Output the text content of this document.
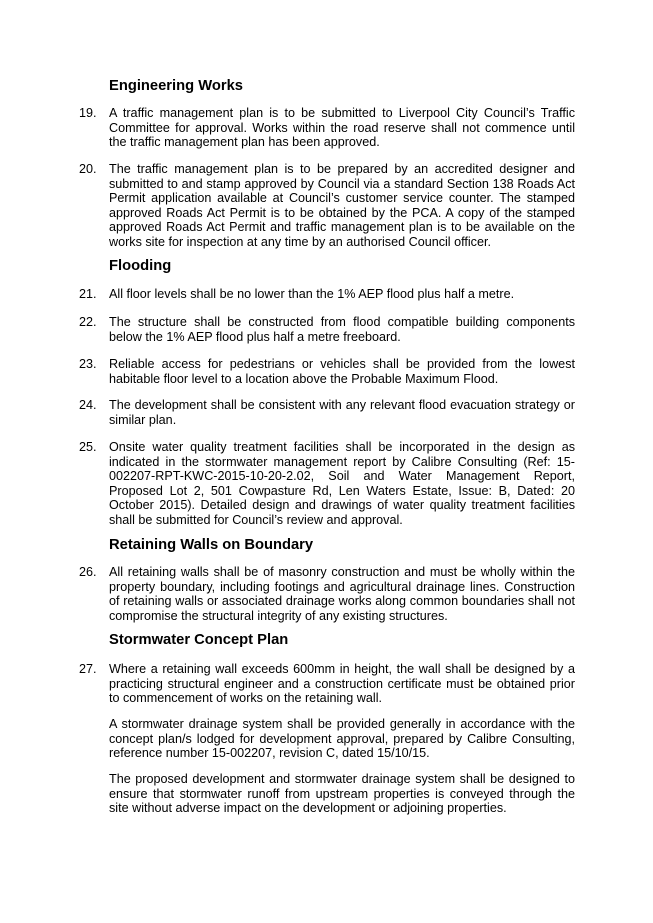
Engineering Works
19. A traffic management plan is to be submitted to Liverpool City Council’s Traffic Committee for approval. Works within the road reserve shall not commence until the traffic management plan has been approved.
20. The traffic management plan is to be prepared by an accredited designer and submitted to and stamp approved by Council via a standard Section 138 Roads Act Permit application available at Council’s customer service counter. The stamped approved Roads Act Permit is to be obtained by the PCA. A copy of the stamped approved Roads Act Permit and traffic management plan is to be available on the works site for inspection at any time by an authorised Council officer.
Flooding
21. All floor levels shall be no lower than the 1% AEP flood plus half a metre.
22. The structure shall be constructed from flood compatible building components below the 1% AEP flood plus half a metre freeboard.
23. Reliable access for pedestrians or vehicles shall be provided from the lowest habitable floor level to a location above the Probable Maximum Flood.
24. The development shall be consistent with any relevant flood evacuation strategy or similar plan.
25. Onsite water quality treatment facilities shall be incorporated in the design as indicated in the stormwater management report by Calibre Consulting (Ref: 15-002207-RPT-KWC-2015-10-20-2.02, Soil and Water Management Report, Proposed Lot 2, 501 Cowpasture Rd, Len Waters Estate, Issue: B, Dated: 20 October 2015). Detailed design and drawings of water quality treatment facilities shall be submitted for Council’s review and approval.
Retaining Walls on Boundary
26. All retaining walls shall be of masonry construction and must be wholly within the property boundary, including footings and agricultural drainage lines. Construction of retaining walls or associated drainage works along common boundaries shall not compromise the structural integrity of any existing structures.
Stormwater Concept Plan
27. Where a retaining wall exceeds 600mm in height, the wall shall be designed by a practicing structural engineer and a construction certificate must be obtained prior to commencement of works on the retaining wall.

A stormwater drainage system shall be provided generally in accordance with the concept plan/s lodged for development approval, prepared by Calibre Consulting, reference number 15-002207, revision C, dated 15/10/15.

The proposed development and stormwater drainage system shall be designed to ensure that stormwater runoff from upstream properties is conveyed through the site without adverse impact on the development or adjoining properties.
